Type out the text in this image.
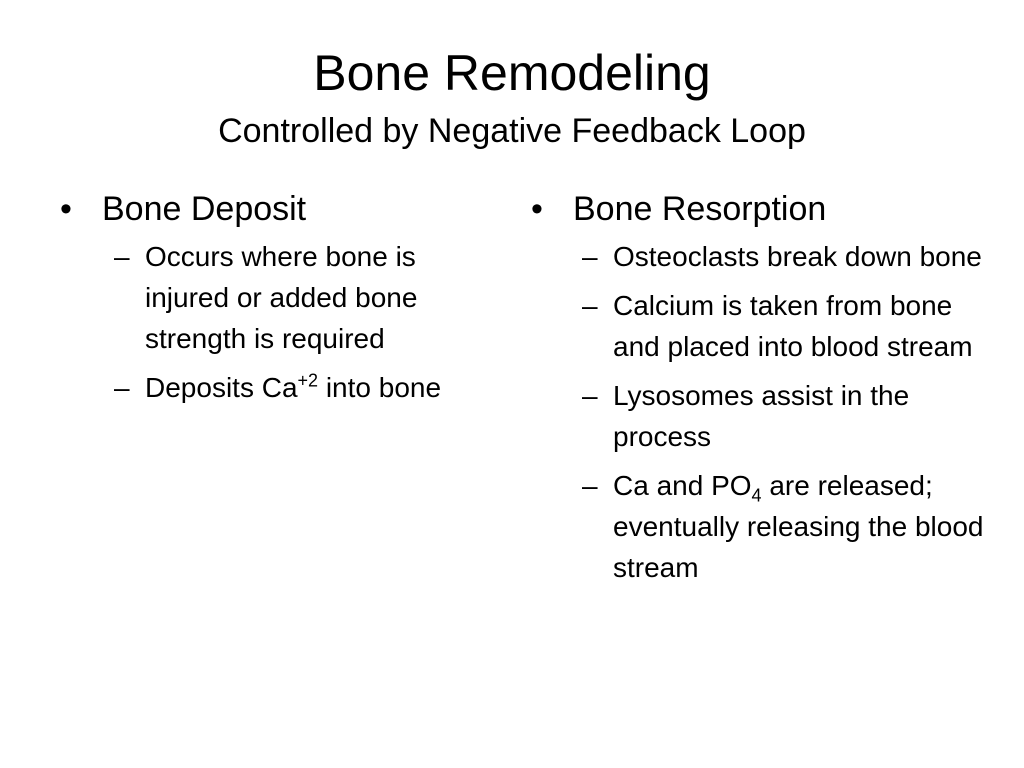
Bone Remodeling
Controlled by Negative Feedback Loop
• Bone Deposit
– Occurs where bone is injured or added bone strength is required
– Deposits $Ca^{+2}$ into bone
• Bone Resorption
– Osteoclasts break down bone
– Calcium is taken from bone and placed into blood stream
– Lysosomes assist in the process
– Ca and $PO_4$ are released; eventually releasing the blood stream
